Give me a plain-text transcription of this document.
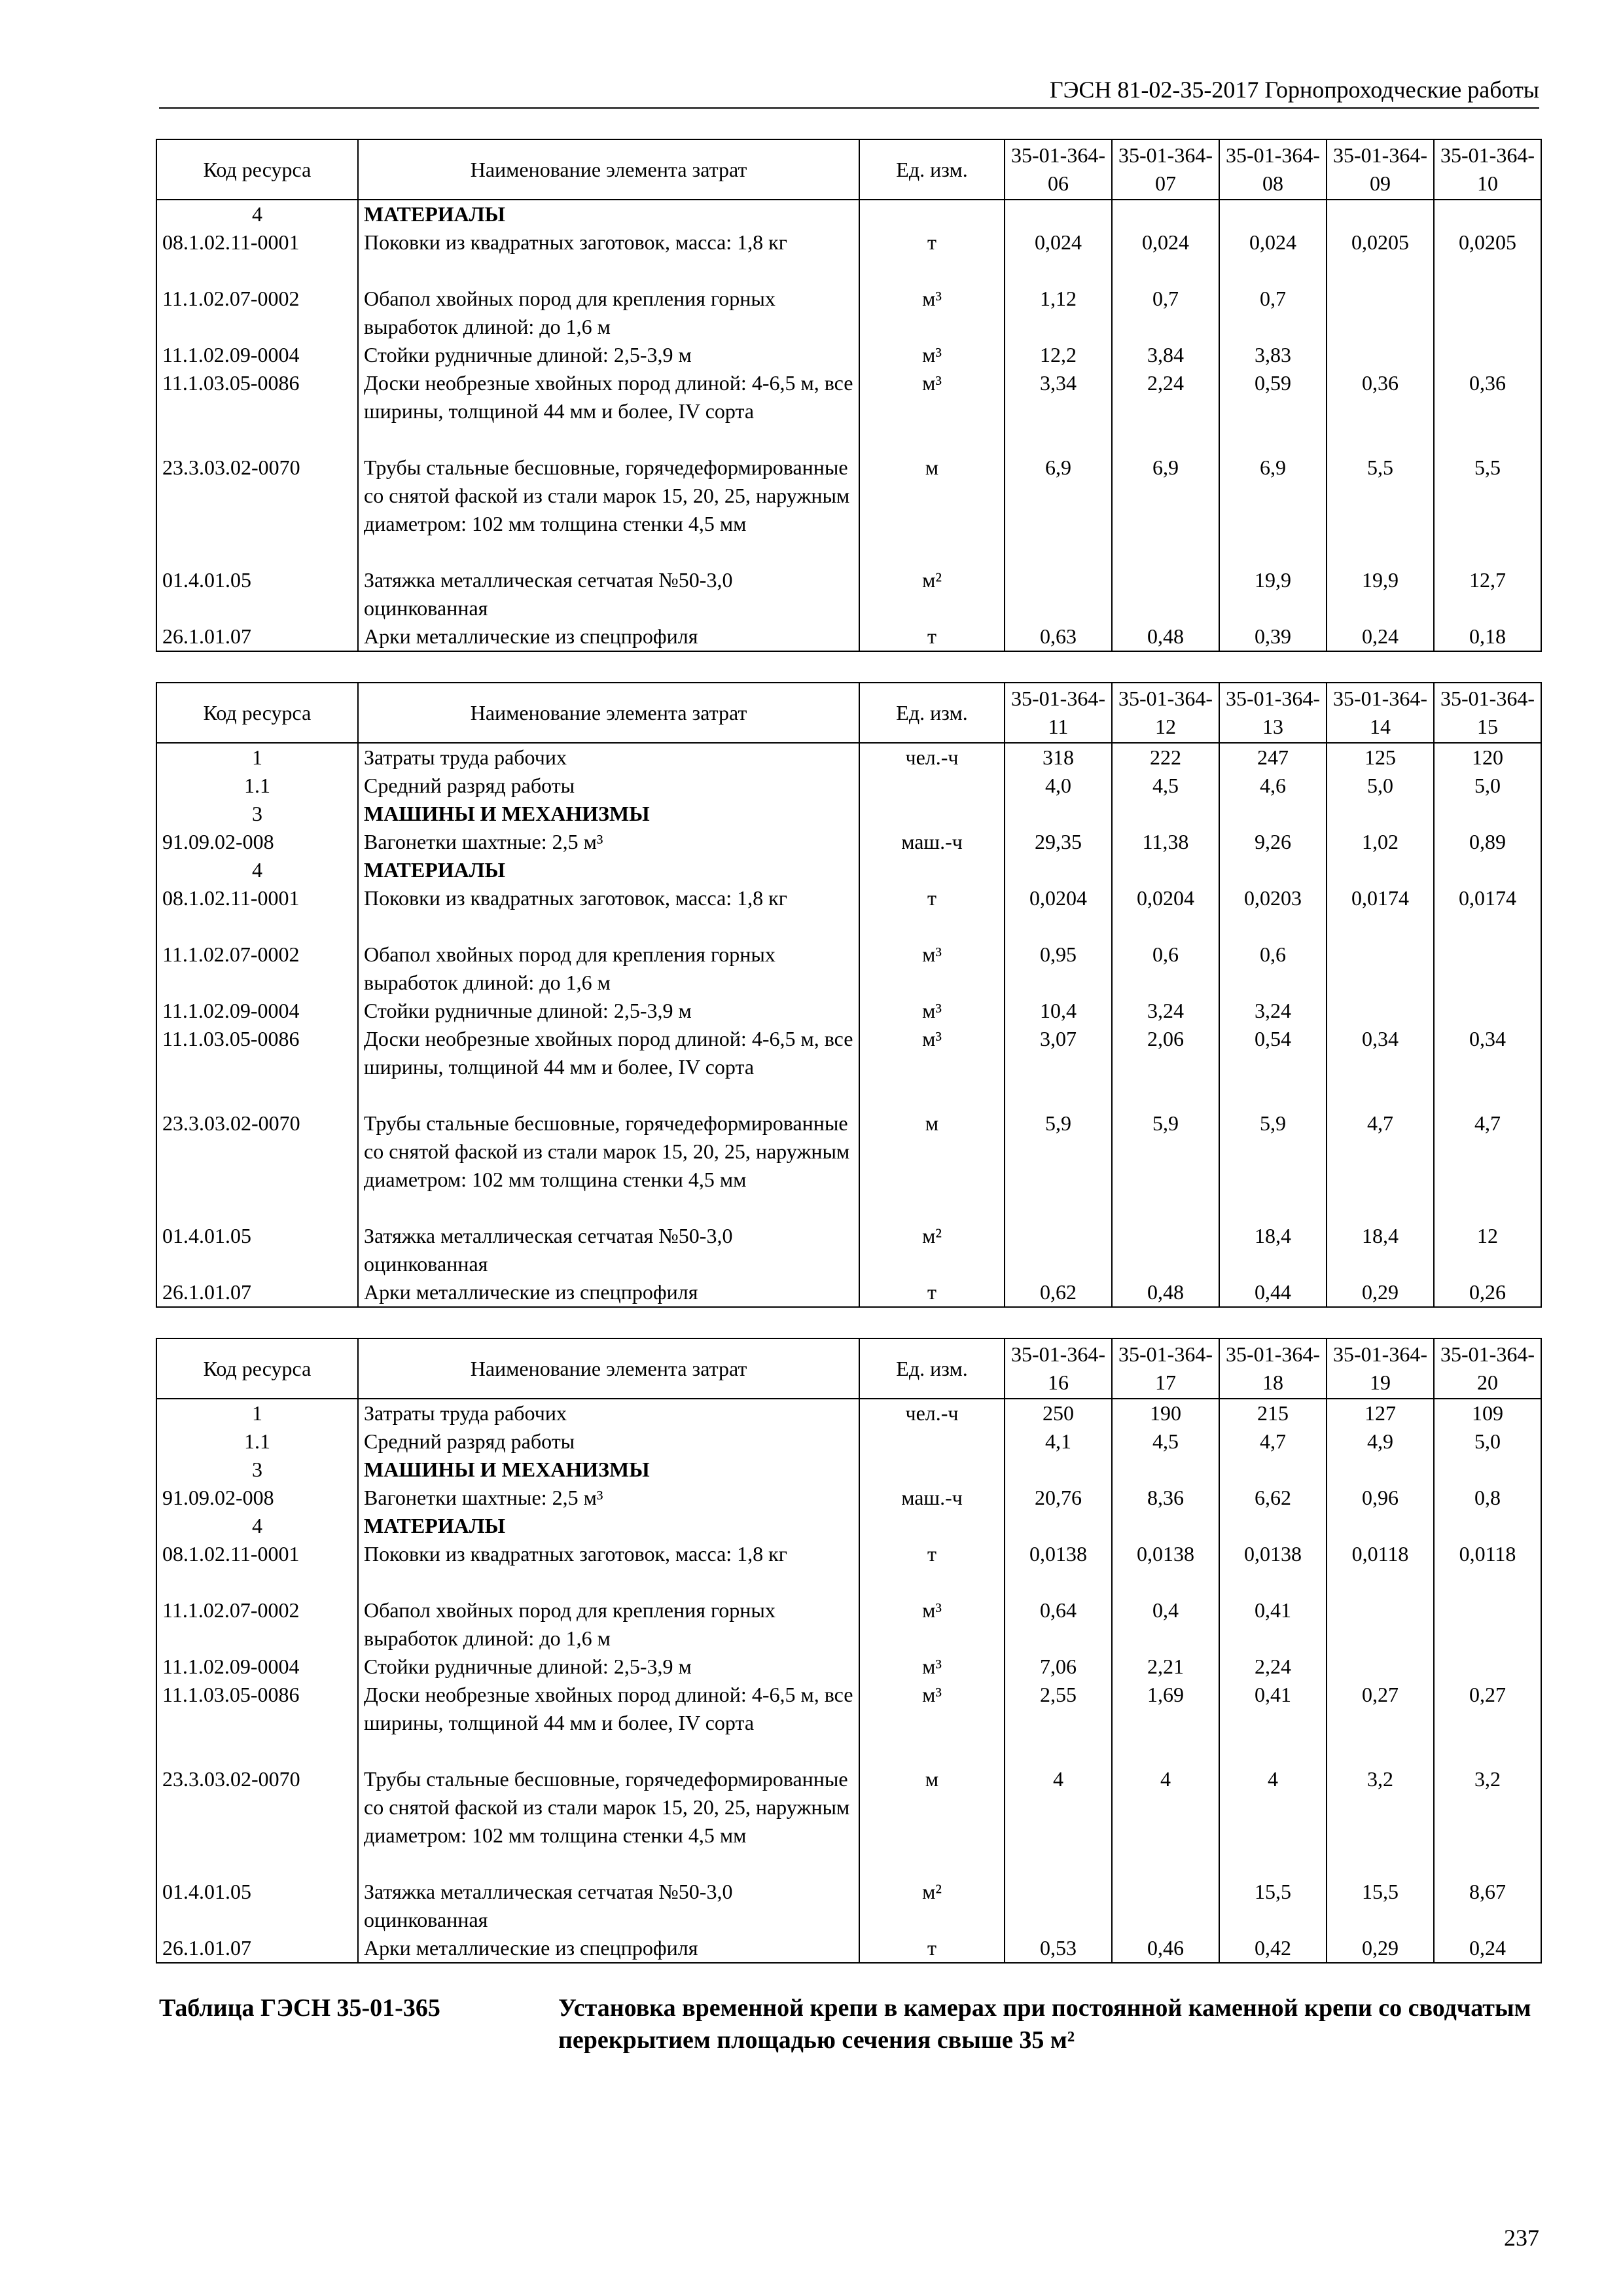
ГЭСН 81-02-35-2017 Горнопроходческие работы
Код ресурса	Наименование элемента затрат	Ед. изм.	35-01-364-06	35-01-364-07	35-01-364-08	35-01-364-09	35-01-364-10
4	МАТЕРИАЛЫ						
08.1.02.11-0001	Поковки из квадратных заготовок, масса: 1,8 кг	т	0,024	0,024	0,024	0,0205	0,0205
11.1.02.07-0002	Обапол хвойных пород для крепления горных выработок длиной: до 1,6 м	м³	1,12	0,7	0,7		
11.1.02.09-0004	Стойки рудничные длиной: 2,5-3,9 м	м³	12,2	3,84	3,83		
11.1.03.05-0086	Доски необрезные хвойных пород длиной: 4-6,5 м, все ширины, толщиной 44 мм и более, IV сорта	м³	3,34	2,24	0,59	0,36	0,36
23.3.03.02-0070	Трубы стальные бесшовные, горячедеформированные со снятой фаской из стали марок 15, 20, 25, наружным диаметром: 102 мм толщина стенки 4,5 мм	м	6,9	6,9	6,9	5,5	5,5
01.4.01.05	Затяжка металлическая сетчатая №50-3,0 оцинкованная	м²			19,9	19,9	12,7
26.1.01.07	Арки металлические из спецпрофиля	т	0,63	0,48	0,39	0,24	0,18
Код ресурса	Наименование элемента затрат	Ед. изм.	35-01-364-11	35-01-364-12	35-01-364-13	35-01-364-14	35-01-364-15
1	Затраты труда рабочих	чел.-ч	318	222	247	125	120
1.1	Средний разряд работы		4,0	4,5	4,6	5,0	5,0
3	МАШИНЫ И МЕХАНИЗМЫ						
91.09.02-008	Вагонетки шахтные: 2,5 м³	маш.-ч	29,35	11,38	9,26	1,02	0,89
4	МАТЕРИАЛЫ						
08.1.02.11-0001	Поковки из квадратных заготовок, масса: 1,8 кг	т	0,0204	0,0204	0,0203	0,0174	0,0174
11.1.02.07-0002	Обапол хвойных пород для крепления горных выработок длиной: до 1,6 м	м³	0,95	0,6	0,6		
11.1.02.09-0004	Стойки рудничные длиной: 2,5-3,9 м	м³	10,4	3,24	3,24		
11.1.03.05-0086	Доски необрезные хвойных пород длиной: 4-6,5 м, все ширины, толщиной 44 мм и более, IV сорта	м³	3,07	2,06	0,54	0,34	0,34
23.3.03.02-0070	Трубы стальные бесшовные, горячедеформированные со снятой фаской из стали марок 15, 20, 25, наружным диаметром: 102 мм толщина стенки 4,5 мм	м	5,9	5,9	5,9	4,7	4,7
01.4.01.05	Затяжка металлическая сетчатая №50-3,0 оцинкованная	м²			18,4	18,4	12
26.1.01.07	Арки металлические из спецпрофиля	т	0,62	0,48	0,44	0,29	0,26
Код ресурса	Наименование элемента затрат	Ед. изм.	35-01-364-16	35-01-364-17	35-01-364-18	35-01-364-19	35-01-364-20
1	Затраты труда рабочих	чел.-ч	250	190	215	127	109
1.1	Средний разряд работы		4,1	4,5	4,7	4,9	5,0
3	МАШИНЫ И МЕХАНИЗМЫ						
91.09.02-008	Вагонетки шахтные: 2,5 м³	маш.-ч	20,76	8,36	6,62	0,96	0,8
4	МАТЕРИАЛЫ						
08.1.02.11-0001	Поковки из квадратных заготовок, масса: 1,8 кг	т	0,0138	0,0138	0,0138	0,0118	0,0118
11.1.02.07-0002	Обапол хвойных пород для крепления горных выработок длиной: до 1,6 м	м³	0,64	0,4	0,41		
11.1.02.09-0004	Стойки рудничные длиной: 2,5-3,9 м	м³	7,06	2,21	2,24		
11.1.03.05-0086	Доски необрезные хвойных пород длиной: 4-6,5 м, все ширины, толщиной 44 мм и более, IV сорта	м³	2,55	1,69	0,41	0,27	0,27
23.3.03.02-0070	Трубы стальные бесшовные, горячедеформированные со снятой фаской из стали марок 15, 20, 25, наружным диаметром: 102 мм толщина стенки 4,5 мм	м	4	4	4	3,2	3,2
01.4.01.05	Затяжка металлическая сетчатая №50-3,0 оцинкованная	м²			15,5	15,5	8,67
26.1.01.07	Арки металлические из спецпрофиля	т	0,53	0,46	0,42	0,29	0,24
Таблица ГЭСН 35-01-365	Установка временной крепи в камерах при постоянной каменной крепи со сводчатым перекрытием площадью сечения свыше 35 м²
237
